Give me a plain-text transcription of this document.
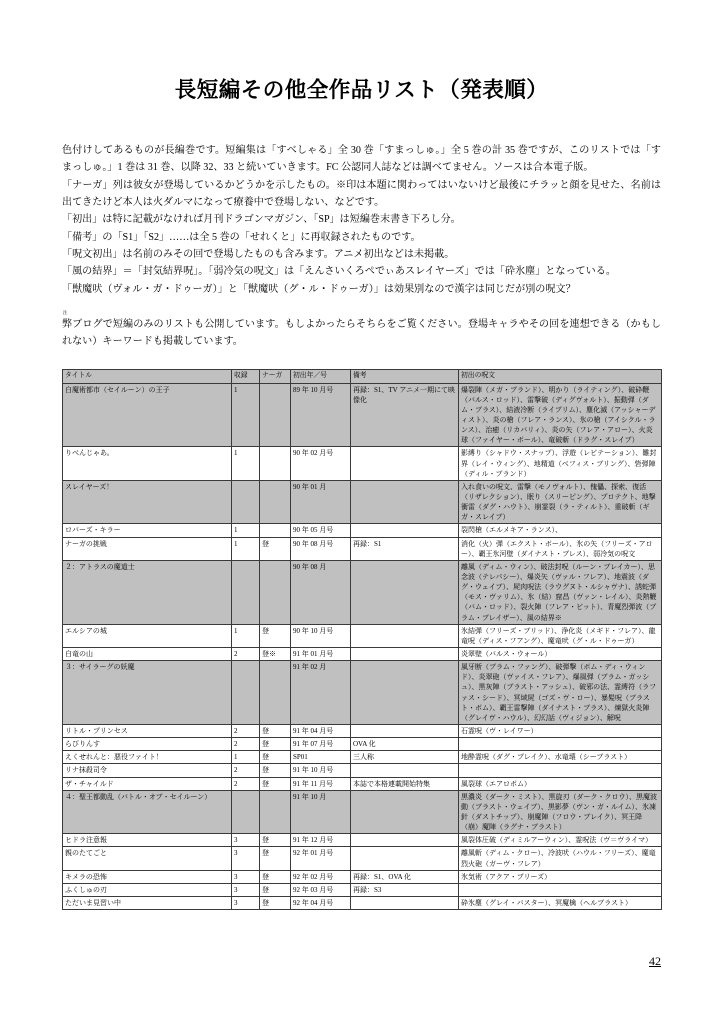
長短編その他全作品リスト（発表順）

色付けしてあるものが長編巻です。短編集は「すべしゃる」全 30 巻「すまっしゅ。」全 5 巻の計 35 巻ですが、このリストでは「すまっしゅ。」1 巻は 31 巻、以降 32、33 と続いていきます。FC 公認同人誌などは調べてません。ソースは合本電子版。

「ナーガ」列は彼女が登場しているかどうかを示したもの。※印は本題に関わってはいないけど最後にチラッと顔を見せた、名前は出てきたけど本人は火ダルマになって療養中で登場しない、などです。

「初出」は特に記載がなければ月刊ドラゴンマガジン、「SP」は短編巻末書き下ろし分。

「備考」の「S1」「S2」……は全 5 巻の「せれくと」に再収録されたものです。

「呪文初出」は名前のみその回で登場したものも含みます。アニメ初出などは未掲載。

「風の結界」＝「封気結界呪」。「弱冷気の呪文」は「えんさいくろぺでぃあスレイヤーズ」では「砕氷塵」となっている。

「獣魔吠（ヴォル・ガ・ドゥーガ）」と「獣魔吠（グ・ル・ドゥーガ）」は効果別なので漢字は同じだが別の呪文？

注

弊ブログで短編のみのリストも公開しています。もしよかったらそちらをご覧ください。登場キャラやその回を連想できる（かもしれない）キーワードも掲載しています。

タイトル	収録	ナーガ	初出年／号	備考	初出の呪文
白魔術都市（セイルーン）の王子	1		89 年 10 月号	再録：S1、TV アニメ一期にて映像化	爆裂陣（メガ・ブランド）、明かり（ライティング）、破砕鞭（バルス・ロッド）、雷撃破（ディグヴォルト）、振動弾（ダム・ブラス）、結液冷断（ライブリム）、塵化滅（アッシャーディスト）、炎の槍（フレア・ランス）、氷の槍（アイシクル・ランス）、治癒（リカバリィ）、炎の矢（フレア・アロー）、火炎球（ファイヤー・ボール）、竜破斬（ドラグ・スレイブ）
りべんじゃあ。	1		90 年 02 月号		影縛り（シャドウ・スナップ）、浮遊（レビテーション）、雛封界（レイ・ウィング）、地精道（ベフィス・ブリング）、砦弾陣（ディル・ブランド）
スレイヤーズ！			90 年 01 月		入れ食いの呪文、雷撃（モノヴォルト）、傀儡、探索、復活（リザレクション）、眠り（スリーピング）、プロテクト、地撃衝雷（ダグ・ハウト）、崩霊裂（ラ・ティルト）、重破斬（ギガ・スレイブ）
ロバーズ・キラー	1		90 年 05 月号		裂閃槍（エルメキア・ランス）、
ナーガの挑戦	1	登	90 年 08 月号	再録：S1	消化（火）弾（エクスト・ボール）、氷の矢（フリーズ・アロー）、覇王氷河壁（ダイナスト・ブレス）、弱冷気の呪文
２：アトラスの魔道士			90 年 08 月		離風（ディム・ウィン）、破法封呪（ルーン・ブレイカー）、思念波（テレパシー）、爆炎矢（ヴァル・フレア）、地震波（ダグ・ウェイブ）、屍肉呪法（ラウグヌト・ルシャヴナ）、誘蛇弾（モス・ヴァリム）、氷（結）窟昌（ヴァン・レイル）、炎熱鞭（バム・ロッド）、裂火陣（フレア・ビット）、青魔烈弾波（ブラム・ブレイザー）、風の結界※
エルシアの城	1	登	90 年 10 月号		氷結弾（フリーズ・ブリッド）、浄化炎（メギド・フレア）、龍竜呪（ディス・フアング）、魔竜吠（グ・ル・ドゥーガ）
白竜の山	2	登※	91 年 01 月号		炎翠壁（バルス・ウォール）
３：サイラーグの妖魔			91 年 02 月		風牙断（ブラム・ファング）、破弾撃（ボム・ディ・ウィンド）、炎翠砲（ヴァイス・フレア）、爆風弾（ブラム・ガッシュ）、黒灰陣（ブラスト・アッシュ）、破邪の法、霊縛符（ラファス・シード）、冥域屍（ゴズ・ヴ・ロー）、暴髪呪（ブラスト・ボム）、覇王雷撃陣（ダイナスト・ブラス）、煉獄火炎陣（グレイヴ・ハウル）、幻幻話（ヴィジョン）、解呪
リトル・プリンセス	2	登	91 年 04 月号		石霊呪（ヴ・レイワー）
らびりんす	2	登	91 年 07 月号	OVA 化	
えくせれんと：悪役ファイト！	1	登	SP01	三人称	地酔霊呪（ダグ・ブレイク）、水竜壊（シーブラスト）
リナ抹殺司令	2	登	91 年 10 月号		
ザ・チャイルド	2	登	91 年 11 月号	本誌で本格連載開始特集	風裂球（エアロボム）
４：聖王都動乱（バトル・オブ・セイルーン）			91 年 10 月		黒濃炎（ダーク・ミスト）、黒旋刃（ダーク・クロウ）、黒魔波動（ブラスト・ウェイブ）、黒影夢（ヴン・ガ・ルイム）、氷凍針（ダストチップ）、崩魔陣（フロウ・ブレイク）、冥王降（崩）魔陣（ラグナ・ブラスト）
ヒドラ注意報	3	登	91 年 12 月号		風裂体圧破（ディミルアーウィン）、霊呪法（ヴ＝ヴライマ）
親のたてごと	3	登	92 年 01 月号		離風斬（ディム・クロー）、冷波吠（ハウル・フリーズ）、魔竜烈火砲（ガーヴ・フレア）
キメラの恐怖	3	登	92 年 02 月号	再録：S1、OVA 化	氷気術（アクア・ブリーズ）
ふくしゅの刃	3	登	92 年 03 月号	再録：S3	
ただいま見習い中	3	登	92 年 04 月号		砕氷塵（グレイ・バスター）、冥魔檎（ヘルブラスト）
42
